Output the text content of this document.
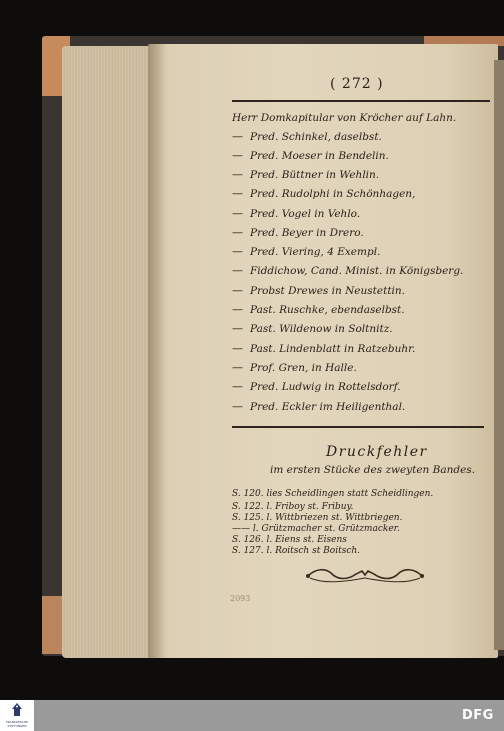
( 272 )
Herr Domkapitular von Kröcher auf Lahn.
— Pred. Schinkel, daselbst.
— Pred. Moeser in Bendelin.
— Pred. Büttner in Wehlin.
— Pred. Rudolphi in Schönhagen,
— Pred. Vogel in Vehlo.
— Pred. Beyer in Drero.
— Pred. Viering, 4 Exempl.
— Fiddichow, Cand. Minist. in Königsberg.
— Probst Drewes in Neustettin.
— Past. Ruschke, ebendaselbst.
— Past. Wildenow in Soltnitz.
— Past. Lindenblatt in Ratzebuhr.
— Prof. Gren, in Halle.
— Pred. Ludwig in Rottelsdorf.
— Pred. Eckler im Heiligenthal.
Druckfehler
im ersten Stücke des zweyten Bandes.
S. 120. lies Scheidlingen statt Scheidlingen.
S. 122. l. Friboy st. Fribuy.
S. 125. l. Wittbriezen st. Wittbriegen.
—— l. Grützmacher st. Grützmacker.
S. 126. l. Eiens st. Eisens
S. 127. l. Roitsch st Boitsch.
2093
FRANCKESCHE STIFTUNGEN
DFG
